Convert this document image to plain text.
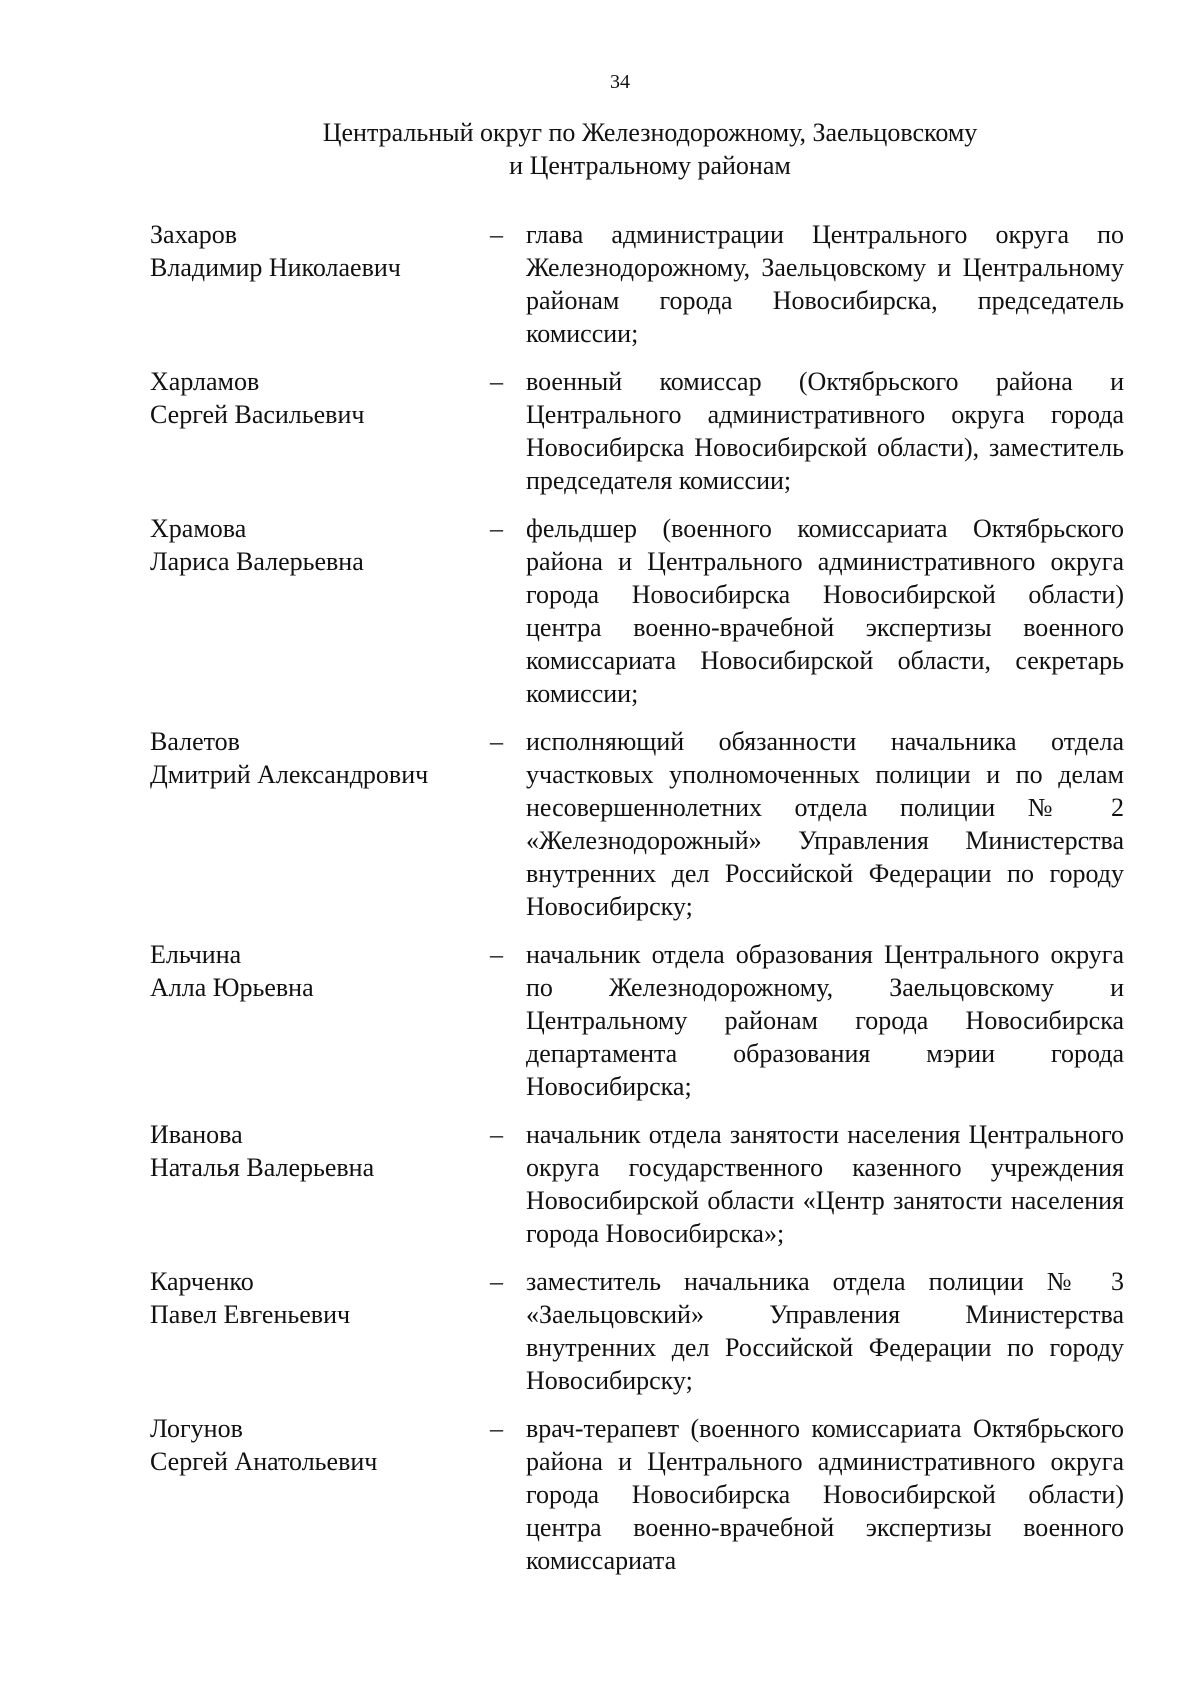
34
Центральный округ по Железнодорожному, Заельцовскому
и Центральному районам
Захаров
Владимир Николаевич
– глава администрации Центрального округа по Железнодорожному, Заельцовскому и Центральному районам города Новосибирска, председатель комиссии;
Харламов
Сергей Васильевич
– военный комиссар (Октябрьского района и Центрального административного округа города Новосибирска Новосибирской области), заместитель председателя комиссии;
Храмова
Лариса Валерьевна
– фельдшер (военного комиссариата Октябрьского района и Центрального административного округа города Новосибирска Новосибирской области) центра военно-врачебной экспертизы военного комиссариата Новосибирской области, секретарь комиссии;
Валетов
Дмитрий Александрович
– исполняющий обязанности начальника отдела участковых уполномоченных полиции и по делам несовершеннолетних отдела полиции № 2 «Железнодорожный» Управления Министерства внутренних дел Российской Федерации по городу Новосибирску;
Ельчина
Алла Юрьевна
– начальник отдела образования Центрального округа по Железнодорожному, Заельцовскому и Центральному районам города Новосибирска департамента образования мэрии города Новосибирска;
Иванова
Наталья Валерьевна
– начальник отдела занятости населения Центрального округа государственного казенного учреждения Новосибирской области «Центр занятости населения города Новосибирска»;
Карченко
Павел Евгеньевич
– заместитель начальника отдела полиции № 3 «Заельцовский» Управления Министерства внутренних дел Российской Федерации по городу Новосибирску;
Логунов
Сергей Анатольевич
– врач-терапевт (военного комиссариата Октябрьского района и Центрального административного округа города Новосибирска Новосибирской области) центра военно-врачебной экспертизы военного комиссариата
